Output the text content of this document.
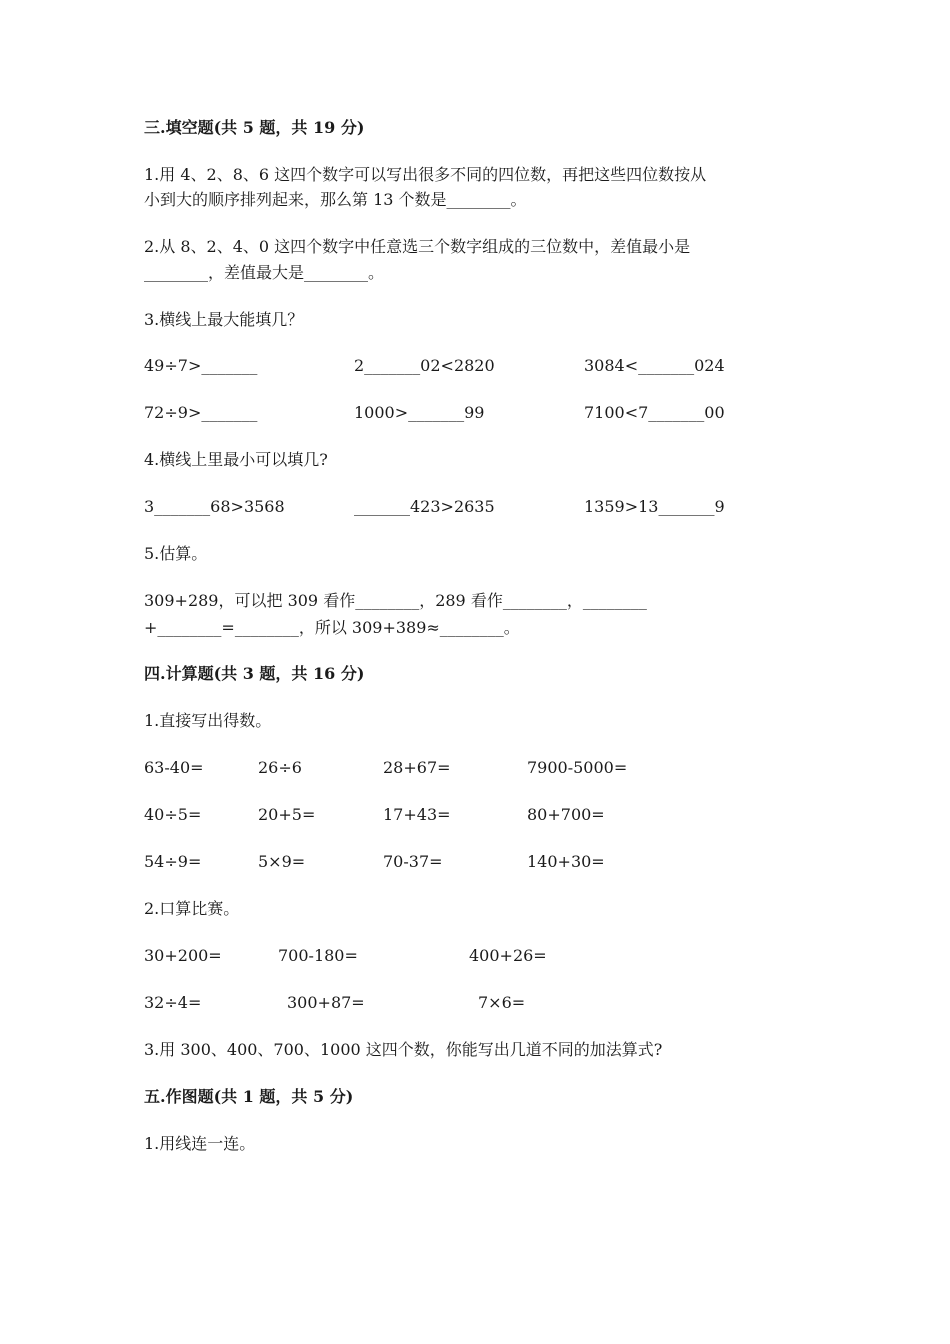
三.填空题(共 5 题，共 19 分)
1.用 4、2、8、6 这四个数字可以写出很多不同的四位数，再把这些四位数按从
小到大的顺序排列起来，那么第 13 个数是________。
2.从 8、2、4、0 这四个数字中任意选三个数字组成的三位数中，差值最小是
________，差值最大是________。
3.横线上最大能填几？
49÷7>_______	2_______02<2820	3084<_______024
72÷9>_______	1000>_______99	7100<7_______00
4.横线上里最小可以填几?
3_______68>3568	_______423>2635	1359>13_______9
5.估算。
309+289，可以把 309 看作________，289 看作________，________
+________=________，所以 309+389≈________。
四.计算题(共 3 题，共 16 分)
1.直接写出得数。
63-40=	26÷6	28+67=	7900-5000=
40÷5=	20+5=	17+43=	80+700=
54÷9=	5×9=	70-37=	140+30=
2.口算比赛。
30+200=	700-180=	400+26=
32÷4=	300+87=	7×6=
3.用 300、400、700、1000 这四个数，你能写出几道不同的加法算式?
五.作图题(共 1 题，共 5 分)
1.用线连一连。
